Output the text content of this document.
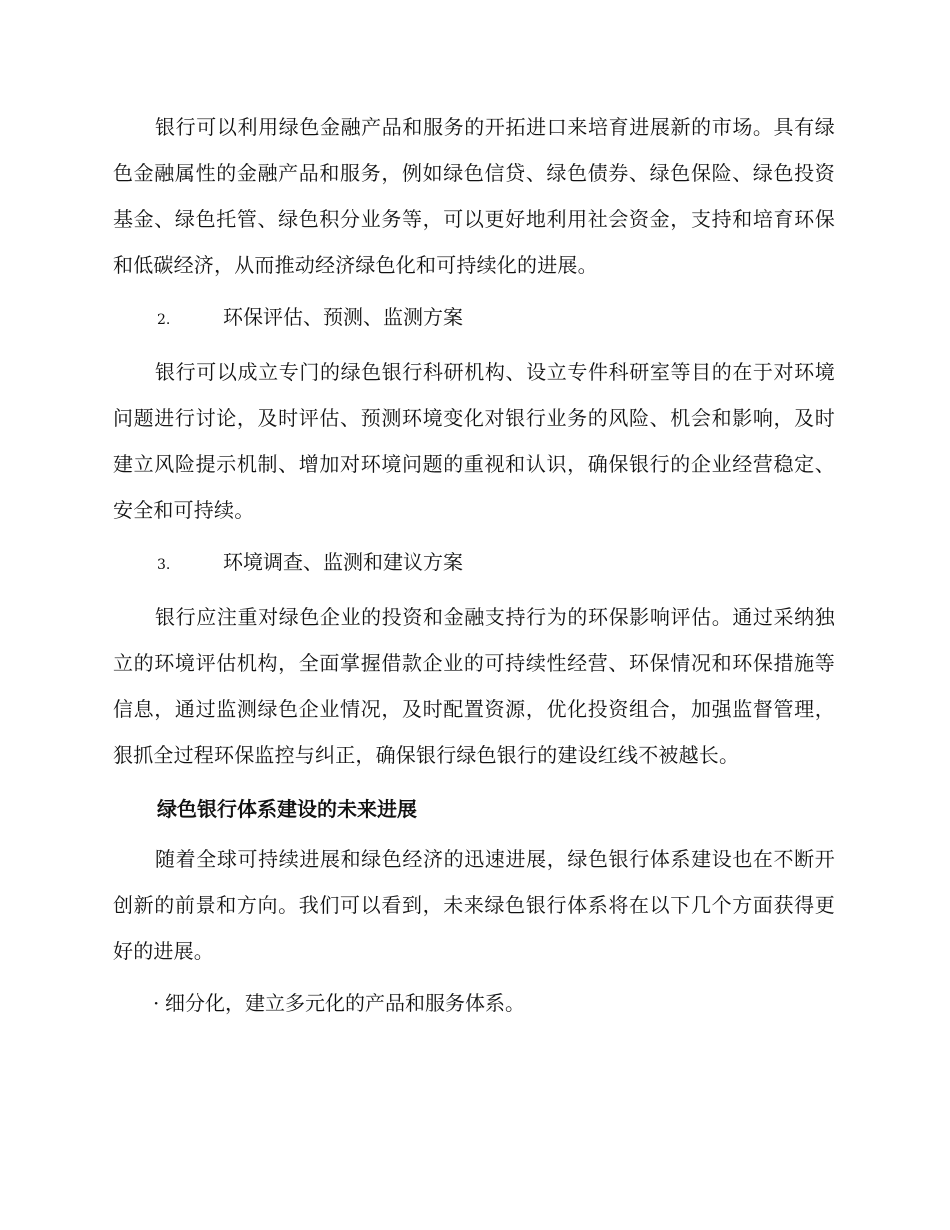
银行可以利用绿色金融产品和服务的开拓进口来培育进展新的市场。具有绿色金融属性的金融产品和服务，例如绿色信贷、绿色债券、绿色保险、绿色投资基金、绿色托管、绿色积分业务等，可以更好地利用社会资金，支持和培育环保和低碳经济，从而推动经济绿色化和可持续化的进展。

2.	环保评估、预测、监测方案

银行可以成立专门的绿色银行科研机构、设立专件科研室等目的在于对环境问题进行讨论，及时评估、预测环境变化对银行业务的风险、机会和影响，及时建立风险提示机制、增加对环境问题的重视和认识，确保银行的企业经营稳定、安全和可持续。

3.	环境调查、监测和建议方案

银行应注重对绿色企业的投资和金融支持行为的环保影响评估。通过采纳独立的环境评估机构，全面掌握借款企业的可持续性经营、环保情况和环保措施等信息，通过监测绿色企业情况，及时配置资源，优化投资组合，加强监督管理，狠抓全过程环保监控与纠正，确保银行绿色银行的建设红线不被越长。

绿色银行体系建设的未来进展

随着全球可持续进展和绿色经济的迅速进展，绿色银行体系建设也在不断开创新的前景和方向。我们可以看到，未来绿色银行体系将在以下几个方面获得更好的进展。

· 细分化，建立多元化的产品和服务体系。
